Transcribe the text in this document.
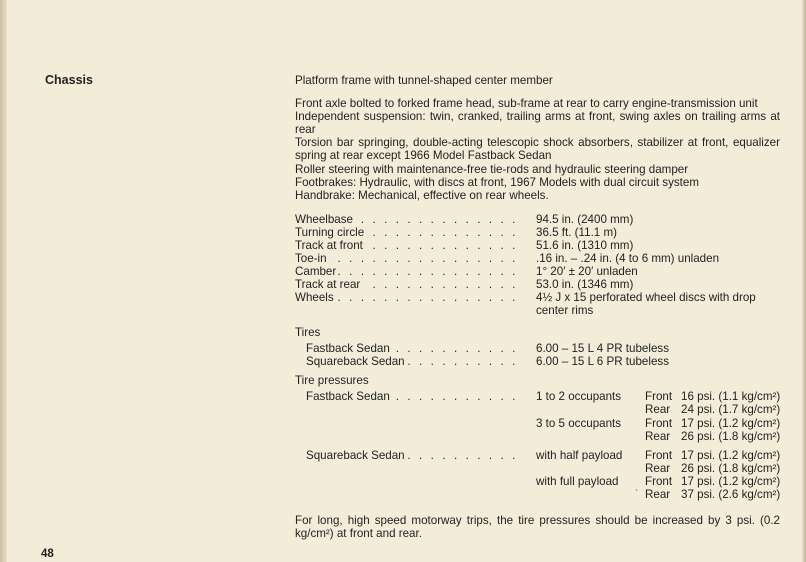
Chassis	Platform frame with tunnel-shaped center member

Front axle bolted to forked frame head, sub-frame at rear to carry engine-transmission unit

Independent suspension: twin, cranked, trailing arms at front, swing axles on trailing arms at rear

Torsion bar springing, double-acting telescopic shock absorbers, stabilizer at front, equalizer spring at rear except 1966 Model Fastback Sedan

Roller steering with maintenance-free tie-rods and hydraulic steering damper

Footbrakes: Hydraulic, with discs at front, 1967 Models with dual circuit system

Handbrake: Mechanical, effective on rear wheels.

Wheelbase . . . . . . . . . . . . . . 94.5 in. (2400 mm)
Turning circle . . . . . . . . . . . . . 36.5 ft. (11.1 m)
Track at front . . . . . . . . . . . . . 51.6 in. (1310 mm)
Toe-in . . . . . . . . . . . . . . . . .16 in. – .24 in. (4 to 6 mm) unladen
Camber . . . . . . . . . . . . . . . . 1° 20′ ± 20′ unladen
Track at rear . . . . . . . . . . . . . 53.0 in. (1346 mm)
Wheels . . . . . . . . . . . . . . . . 4½ J x 15 perforated wheel discs with drop center rims
Tires
Fastback Sedan . . . . . . . . . . . 6.00 – 15 L 4 PR tubeless
Squareback Sedan . . . . . . . . . . 6.00 – 15 L 6 PR tubeless
Tire pressures
Fastback Sedan . . . . . . . . . . . 1 to 2 occupants Front 16 psi. (1.1 kg/cm²)
Rear 24 psi. (1.7 kg/cm²)
3 to 5 occupants Front 17 psi. (1.2 kg/cm²)
Rear 26 psi. (1.8 kg/cm²)
Squareback Sedan . . . . . . . . . . with half payload Front 17 psi. (1.2 kg/cm²)
Rear 26 psi. (1.8 kg/cm²)
with full payload Front 17 psi. (1.2 kg/cm²)
ˋ Rear 37 psi. (2.6 kg/cm²)

For long, high speed motorway trips, the tire pressures should be increased by 3 psi. (0.2 kg/cm²) at front and rear.

48
